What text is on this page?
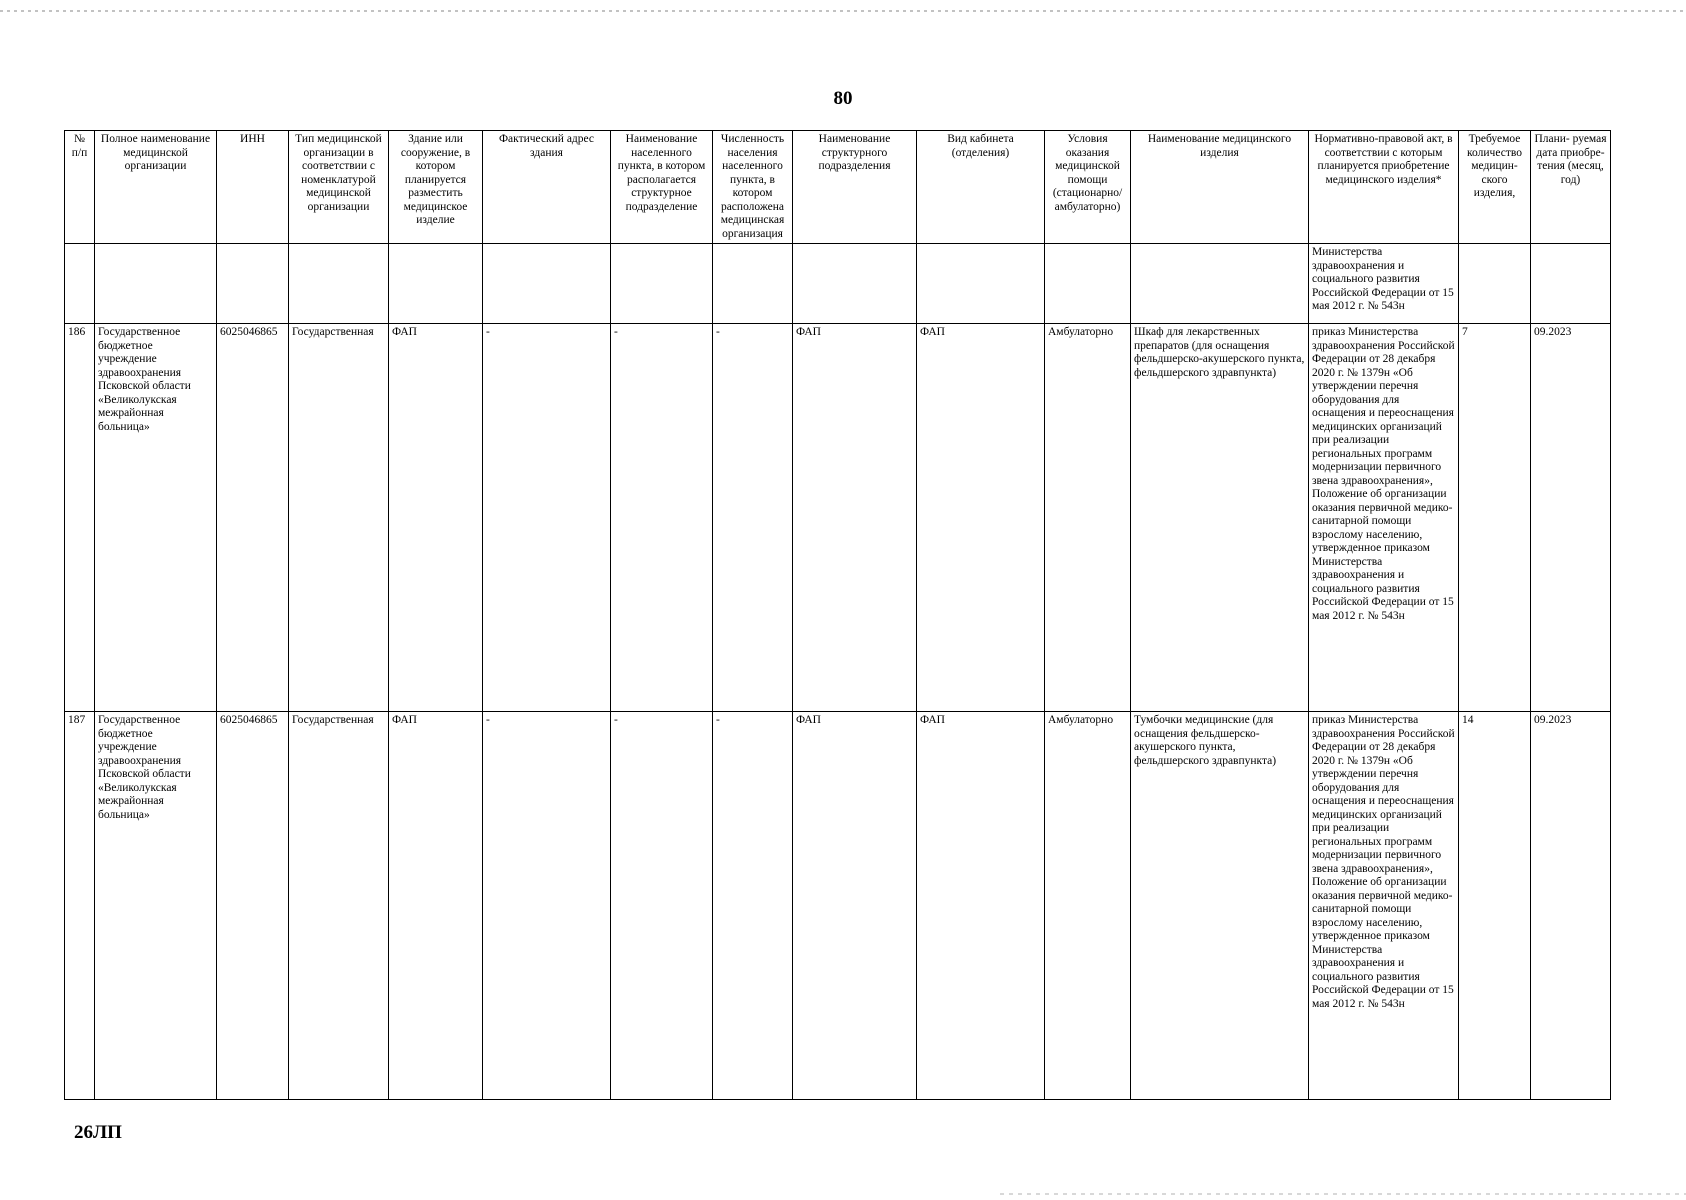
80
№ п/п	Полное наименование медицинской организации	ИНН	Тип медицинской организации в соответствии с номенклатурой медицинской организации	Здание или сооружение, в котором планируется разместить медицинское изделие	Фактический адрес здания	Наименование населенного пункта, в котором располагается структурное подразделение	Численность населения населенного пункта, в котором расположена медицинская организация	Наименование структурного подразделения	Вид кабинета (отделения)	Условия оказания медицинской помощи (стационарно/ амбулаторно)	Наименование медицинского изделия	Нормативно-правовой акт, в соответствии с которым планируется приобретение медицинского изделия*	Требуемое количество медицин- ского изделия,	Плани- руемая дата приобре- тения (месяц, год)
												Министерства здравоохранения и социального развития Российской Федерации от 15 мая 2012 г. № 543н		
186	Государственное бюджетное учреждение здравоохранения Псковской области «Великолукская межрайонная больница»	6025046865	Государственная	ФАП	-	-	-	ФАП	ФАП	Амбулаторно	Шкаф для лекарственных препаратов (для оснащения фельдшерско-акушерского пункта, фельдшерского здравпункта)	приказ Министерства здравоохранения Российской Федерации от 28 декабря 2020 г. № 1379н «Об утверждении перечня оборудования для оснащения и переоснащения медицинских организаций при реализации региональных программ модернизации первичного звена здравоохранения», Положение об организации оказания первичной медико-санитарной помощи взрослому населению, утвержденное приказом Министерства здравоохранения и социального развития Российской Федерации от 15 мая 2012 г. № 543н	7	09.2023
187	Государственное бюджетное учреждение здравоохранения Псковской области «Великолукская межрайонная больница»	6025046865	Государственная	ФАП	-	-	-	ФАП	ФАП	Амбулаторно	Тумбочки медицинские (для оснащения фельдшерско-акушерского пункта, фельдшерского здравпункта)	приказ Министерства здравоохранения Российской Федерации от 28 декабря 2020 г. № 1379н «Об утверждении перечня оборудования для оснащения и переоснащения медицинских организаций при реализации региональных программ модернизации первичного звена здравоохранения», Положение об организации оказания первичной медико-санитарной помощи взрослому населению, утвержденное приказом Министерства здравоохранения и социального развития Российской Федерации от 15 мая 2012 г. № 543н	14	09.2023
26ЛП
